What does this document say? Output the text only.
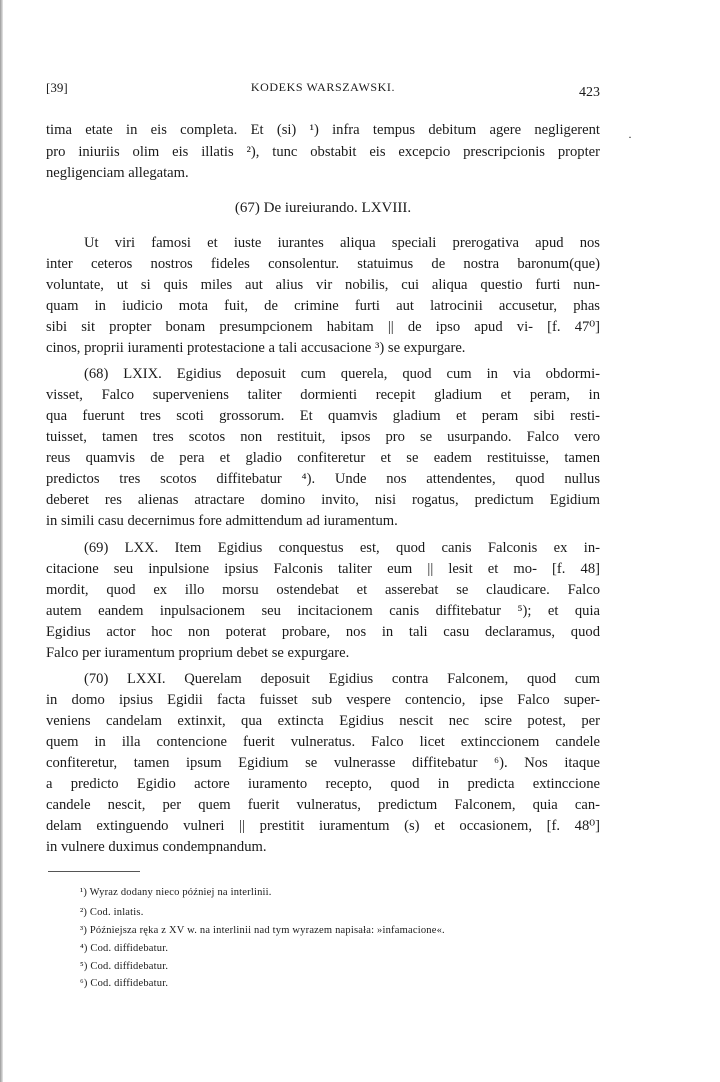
·
[39]	KODEKS WARSZAWSKI.	423
tima etate in eis completa. Et (si) ¹) infra tempus debitum agere negligerent
pro iniuriis olim eis illatis ²), tunc obstabit eis excepcio prescripcionis propter
negligenciam allegatam.
(67) De iureiurando. LXVIII.
Ut viri famosi et iuste iurantes aliqua speciali prerogativa apud nos
inter ceteros nostros fideles consolentur. statuimus de nostra baronum(que)
voluntate, ut si quis miles aut alius vir nobilis, cui aliqua questio furti nun-
quam in iudicio mota fuit, de crimine furti aut latrocinii accusetur, phas
sibi sit propter bonam presumpcionem habitam || de ipso apud vi- [f. 47⁰]
cinos, proprii iuramenti protestacione a tali accusacione ³) se expurgare.
(68) LXIX. Egidius deposuit cum querela, quod cum in via obdormi-
visset, Falco superveniens taliter dormienti recepit gladium et peram, in
qua fuerunt tres scoti grossorum. Et quamvis gladium et peram sibi resti-
tuisset, tamen tres scotos non restituit, ipsos pro se usurpando. Falco vero
reus quamvis de pera et gladio confiteretur et se eadem restituisse, tamen
predictos tres scotos diffitebatur ⁴). Unde nos attendentes, quod nullus
deberet res alienas atractare domino invito, nisi rogatus, predictum Egidium
in simili casu decernimus fore admittendum ad iuramentum.
(69) LXX. Item Egidius conquestus est, quod canis Falconis ex in-
citacione seu inpulsione ipsius Falconis taliter eum || lesit et mo- [f. 48]
mordit, quod ex illo morsu ostendebat et asserebat se claudicare. Falco
autem eandem inpulsacionem seu incitacionem canis diffitebatur ⁵); et quia
Egidius actor hoc non poterat probare, nos in tali casu declaramus, quod
Falco per iuramentum proprium debet se expurgare.
(70) LXXI. Querelam deposuit Egidius contra Falconem, quod cum
in domo ipsius Egidii facta fuisset sub vespere contencio, ipse Falco super-
veniens candelam extinxit, qua extincta Egidius nescit nec scire potest, per
quem in illa contencione fuerit vulneratus. Falco licet extinccionem candele
confiteretur, tamen ipsum Egidium se vulnerasse diffitebatur ⁶). Nos itaque
a predicto Egidio actore iuramento recepto, quod in predicta extinccione
candele nescit, per quem fuerit vulneratus, predictum Falconem, quia can-
delam extinguendo vulneri || prestitit iuramentum (s) et occasionem, [f. 48⁰]
in vulnere duximus condempnandum.
¹) Wyraz dodany nieco później na interlinii.
²) Cod. inlatis.
³) Późniejsza ręka z XV w. na interlinii nad tym wyrazem napisała: »infamacione«.
⁴) Cod. diffidebatur.
⁵) Cod. diffidebatur.
⁶) Cod. diffidebatur.
